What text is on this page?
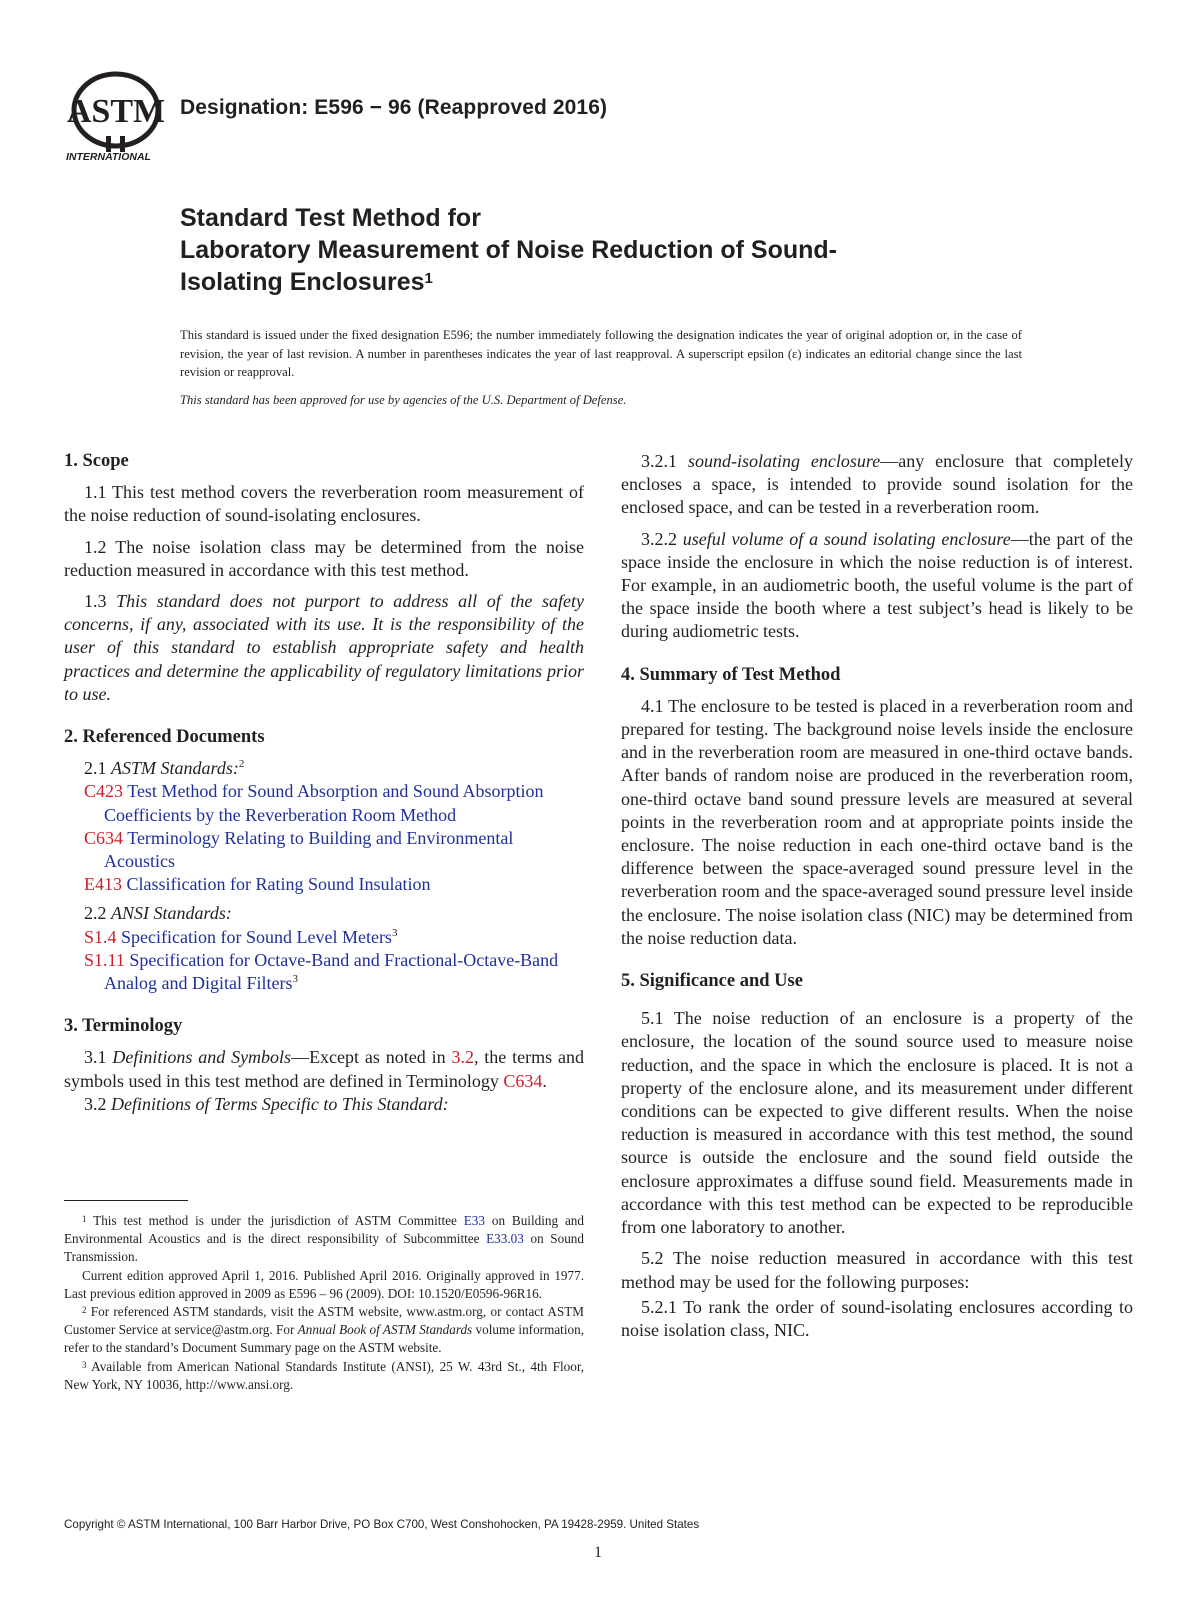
ASTM
INTERNATIONAL
Designation: E596 − 96 (Reapproved 2016)
Standard Test Method for
Laboratory Measurement of Noise Reduction of Sound-
Isolating Enclosures$^1$
This standard is issued under the fixed designation E596; the number immediately following the designation indicates the year of original adoption or, in the case of revision, the year of last revision. A number in parentheses indicates the year of last reapproval. A superscript epsilon (ε) indicates an editorial change since the last revision or reapproval.
This standard has been approved for use by agencies of the U.S. Department of Defense.

1. Scope

1.1 This test method covers the reverberation room measurement of the noise reduction of sound-isolating enclosures.

1.2 The noise isolation class may be determined from the noise reduction measured in accordance with this test method.

1.3 This standard does not purport to address all of the safety concerns, if any, associated with its use. It is the responsibility of the user of this standard to establish appropriate safety and health practices and determine the applicability of regulatory limitations prior to use.

2. Referenced Documents

2.1 ASTM Standards:$^2$

C423 Test Method for Sound Absorption and Sound Absorption Coefficients by the Reverberation Room Method

C634 Terminology Relating to Building and Environmental Acoustics

E413 Classification for Rating Sound Insulation

2.2 ANSI Standards:

S1.4 Specification for Sound Level Meters$^3$

S1.11 Specification for Octave-Band and Fractional-Octave-Band Analog and Digital Filters$^3$

3. Terminology

3.1 Definitions and Symbols—Except as noted in 3.2, the terms and symbols used in this test method are defined in Terminology C634.

3.2 Definitions of Terms Specific to This Standard:

3.2.1 sound-isolating enclosure—any enclosure that completely encloses a space, is intended to provide sound isolation for the enclosed space, and can be tested in a reverberation room.

3.2.2 useful volume of a sound isolating enclosure—the part of the space inside the enclosure in which the noise reduction is of interest. For example, in an audiometric booth, the useful volume is the part of the space inside the booth where a test subject’s head is likely to be during audiometric tests.

4. Summary of Test Method

4.1 The enclosure to be tested is placed in a reverberation room and prepared for testing. The background noise levels inside the enclosure and in the reverberation room are measured in one-third octave bands. After bands of random noise are produced in the reverberation room, one-third octave band sound pressure levels are measured at several points in the reverberation room and at appropriate points inside the enclosure. The noise reduction in each one-third octave band is the difference between the space-averaged sound pressure level in the reverberation room and the space-averaged sound pressure level inside the enclosure. The noise isolation class (NIC) may be determined from the noise reduction data.

5. Significance and Use

5.1 The noise reduction of an enclosure is a property of the enclosure, the location of the sound source used to measure noise reduction, and the space in which the enclosure is placed. It is not a property of the enclosure alone, and its measurement under different conditions can be expected to give different results. When the noise reduction is measured in accordance with this test method, the sound source is outside the enclosure and the sound field outside the enclosure approximates a diffuse sound field. Measurements made in accordance with this test method can be expected to be reproducible from one laboratory to another.

5.2 The noise reduction measured in accordance with this test method may be used for the following purposes:

5.2.1 To rank the order of sound-isolating enclosures according to noise isolation class, NIC.

$^1$ This test method is under the jurisdiction of ASTM Committee E33 on Building and Environmental Acoustics and is the direct responsibility of Subcommittee E33.03 on Sound Transmission.

Current edition approved April 1, 2016. Published April 2016. Originally approved in 1977. Last previous edition approved in 2009 as E596 – 96 (2009). DOI: 10.1520/E0596-96R16.

$^2$ For referenced ASTM standards, visit the ASTM website, www.astm.org, or contact ASTM Customer Service at service@astm.org. For Annual Book of ASTM Standards volume information, refer to the standard’s Document Summary page on the ASTM website.

$^3$ Available from American National Standards Institute (ANSI), 25 W. 43rd St., 4th Floor, New York, NY 10036, http://www.ansi.org.

Copyright © ASTM International, 100 Barr Harbor Drive, PO Box C700, West Conshohocken, PA 19428-2959. United States
1
